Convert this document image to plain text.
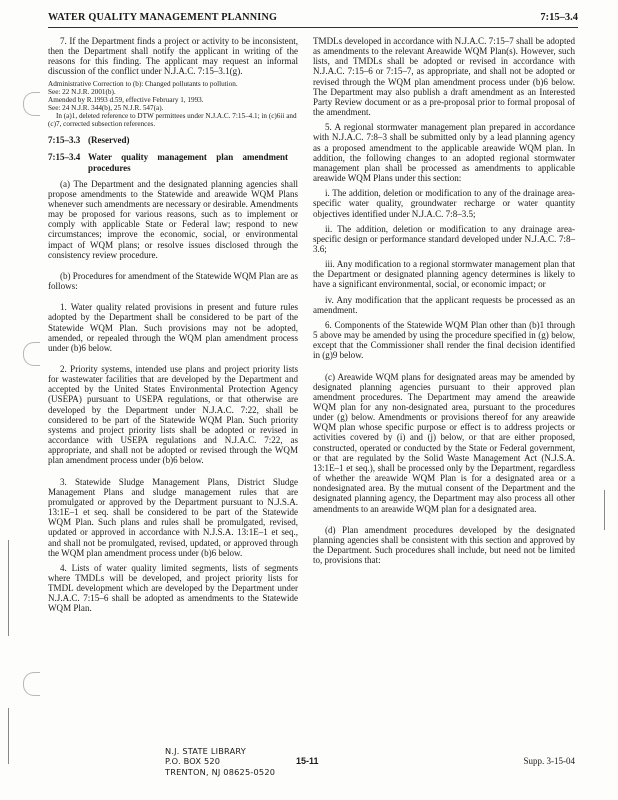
WATER QUALITY MANAGEMENT PLANNING	7:15–3.4

7. If the Department finds a project or activity to be inconsistent, then the Department shall notify the applicant in writing of the reasons for this finding. The applicant may request an informal discussion of the conflict under N.J.A.C. 7:15–3.1(g).

Administrative Correction to (b): Changed pollutants to pollution.

See: 22 N.J.R. 2001(b).

Amended by R.1993 d.59, effective February 1, 1993.

See: 24 N.J.R. 344(b), 25 N.J.R. 547(a).

In (a)1, deleted reference to DTW permittees under N.J.A.C. 7:15–4.1; in (c)6ii and (c)7, corrected subsection references.

7:15–3.3 (Reserved)
7:15–3.4 Water quality management plan amendment procedures

(a) The Department and the designated planning agencies shall propose amendments to the Statewide and areawide WQM Plans whenever such amendments are necessary or desirable. Amendments may be proposed for various reasons, such as to implement or comply with applicable State or Federal law; respond to new circumstances; improve the economic, social, or environmental impact of WQM plans; or resolve issues disclosed through the consistency review procedure.

(b) Procedures for amendment of the Statewide WQM Plan are as follows:

1. Water quality related provisions in present and future rules adopted by the Department shall be considered to be part of the Statewide WQM Plan. Such provisions may not be adopted, amended, or repealed through the WQM plan amendment process under (b)6 below.

2. Priority systems, intended use plans and project priority lists for wastewater facilities that are developed by the Department and accepted by the United States Environmental Protection Agency (USEPA) pursuant to USEPA regulations, or that otherwise are developed by the Department under N.J.A.C. 7:22, shall be considered to be part of the Statewide WQM Plan. Such priority systems and project priority lists shall be adopted or revised in accordance with USEPA regulations and N.J.A.C. 7:22, as appropriate, and shall not be adopted or revised through the WQM plan amendment process under (b)6 below.

3. Statewide Sludge Management Plans, District Sludge Management Plans and sludge management rules that are promulgated or approved by the Department pursuant to N.J.S.A. 13:1E–1 et seq. shall be considered to be part of the Statewide WQM Plan. Such plans and rules shall be promulgated, revised, updated or approved in accordance with N.J.S.A. 13:1E–1 et seq., and shall not be promulgated, revised, updated, or approved through the WQM plan amendment process under (b)6 below.

4. Lists of water quality limited segments, lists of segments where TMDLs will be developed, and project priority lists for TMDL development which are developed by the Department under N.J.A.C. 7:15–6 shall be adopted as amendments to the Statewide WQM Plan.

TMDLs developed in accordance with N.J.A.C. 7:15–7 shall be adopted as amendments to the relevant Areawide WQM Plan(s). However, such lists, and TMDLs shall be adopted or revised in accordance with N.J.A.C. 7:15–6 or 7:15–7, as appropriate, and shall not be adopted or revised through the WQM plan amendment process under (b)6 below. The Department may also publish a draft amendment as an Interested Party Review document or as a pre-proposal prior to formal proposal of the amendment.

5. A regional stormwater management plan prepared in accordance with N.J.A.C. 7:8–3 shall be submitted only by a lead planning agency as a proposed amendment to the applicable areawide WQM plan. In addition, the following changes to an adopted regional stormwater management plan shall be processed as amendments to applicable areawide WQM Plans under this section:

i. The addition, deletion or modification to any of the drainage area-specific water quality, groundwater recharge or water quantity objectives identified under N.J.A.C. 7:8–3.5;

ii. The addition, deletion or modification to any drainage area-specific design or performance standard developed under N.J.A.C. 7:8–3.6;

iii. Any modification to a regional stormwater management plan that the Department or designated planning agency determines is likely to have a significant environmental, social, or economic impact; or

iv. Any modification that the applicant requests be processed as an amendment.

6. Components of the Statewide WQM Plan other than (b)1 through 5 above may be amended by using the procedure specified in (g) below, except that the Commissioner shall render the final decision identified in (g)9 below.

(c) Areawide WQM plans for designated areas may be amended by designated planning agencies pursuant to their approved plan amendment procedures. The Department may amend the areawide WQM plan for any non-designated area, pursuant to the procedures under (g) below. Amendments or provisions thereof for any areawide WQM plan whose specific purpose or effect is to address projects or activities covered by (i) and (j) below, or that are either proposed, constructed, operated or conducted by the State or Federal government, or that are regulated by the Solid Waste Management Act (N.J.S.A. 13:1E–1 et seq.), shall be processed only by the Department, regardless of whether the areawide WQM Plan is for a designated area or a nondesignated area. By the mutual consent of the Department and the designated planning agency, the Department may also process all other amendments to an areawide WQM plan for a designated area.

(d) Plan amendment procedures developed by the designated planning agencies shall be consistent with this section and approved by the Department. Such procedures shall include, but need not be limited to, provisions that:

N.J. STATE LIBRARY
P.O. BOX 520
TRENTON, NJ 08625-0520
15-11	Supp. 3-15-04
